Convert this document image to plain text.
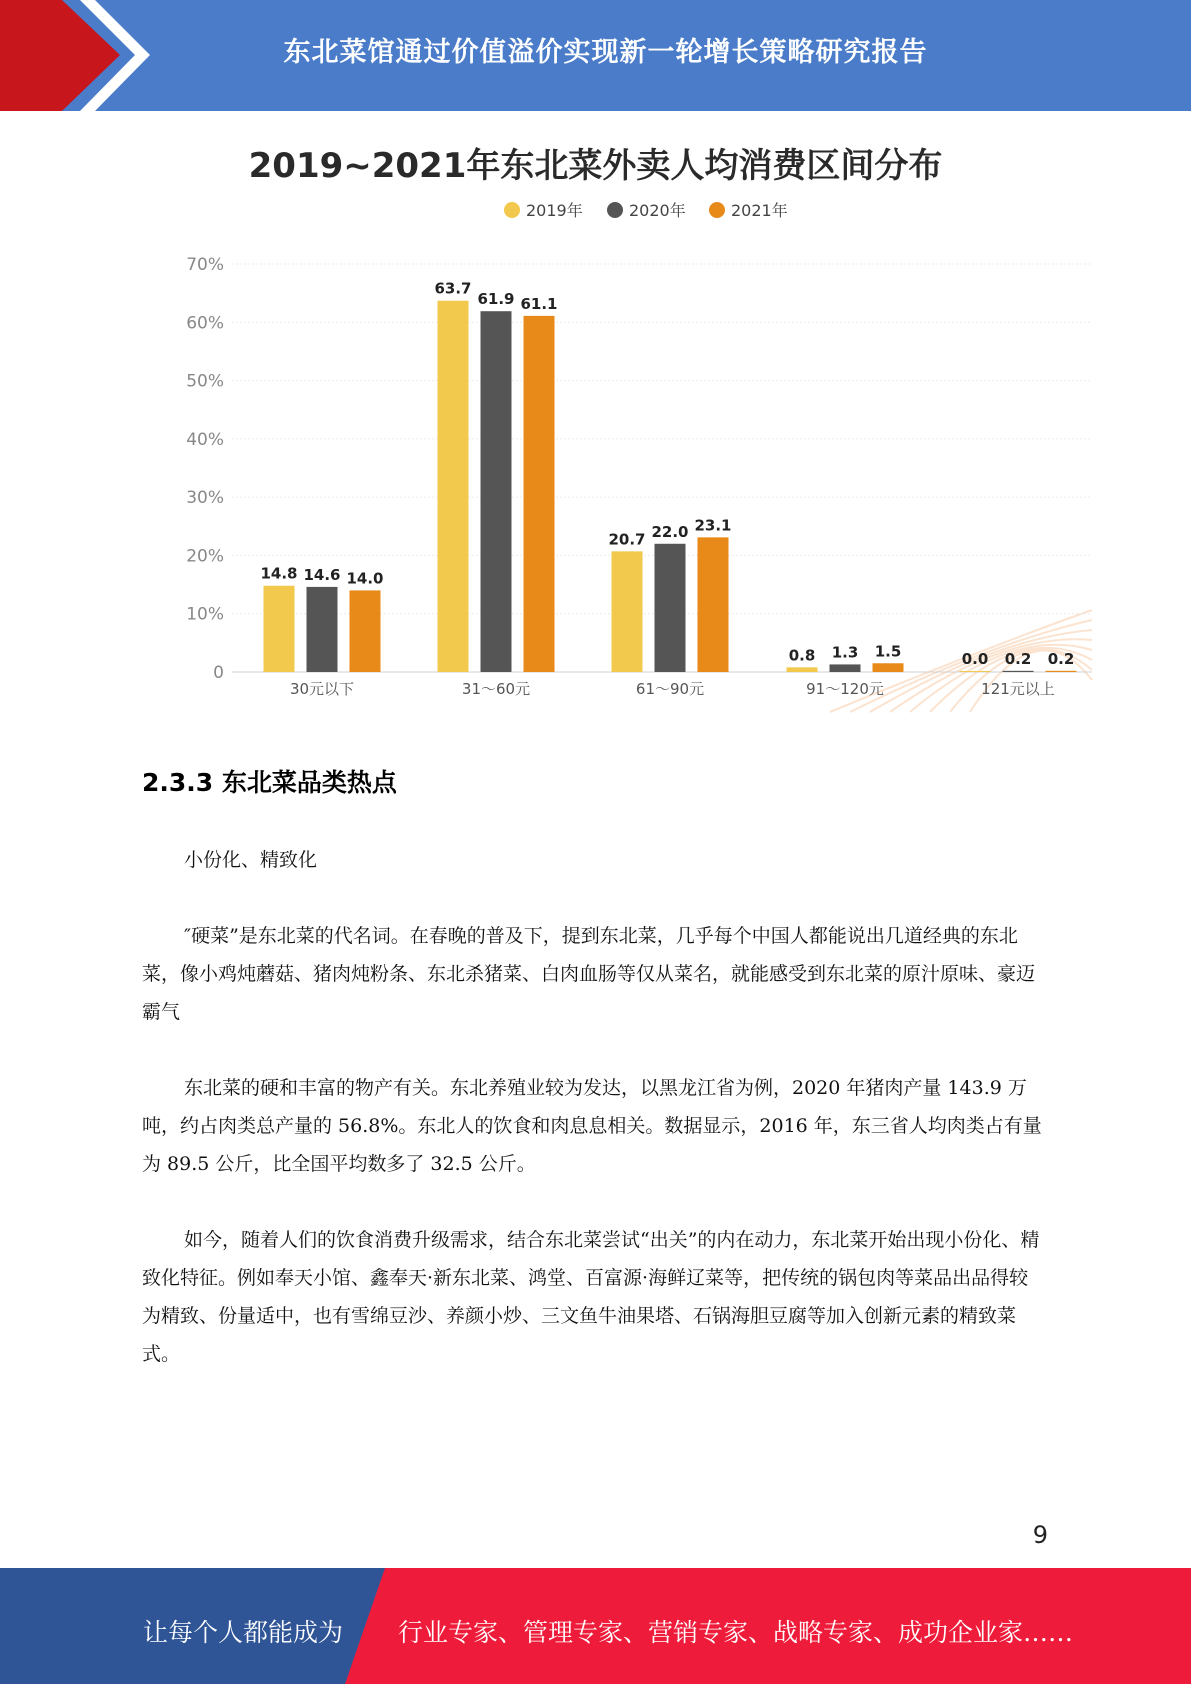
东北菜馆通过价值溢价实现新一轮增长策略研究报告
2019~2021年东北菜外卖人均消费区间分布
2019年	2020年	2021年
0
10%
20%
30%
40%
50%
60%
70%
14.8 14.6 14.0
30元以下
63.7
61.9 61.1
31～60元
20.7 22.0 23.1
61～90元
0.8 1.3 1.5
91～120元
0.0 0.2 0.2
121元以上
2.3.3 东北菜品类热点

小份化、精致化

″硬菜”是东北菜的代名词。在春晚的普及下，提到东北菜，几乎每个中国人都能说出几道经典的东北菜，像小鸡炖蘑菇、猪肉炖粉条、东北杀猪菜、白肉血肠等仅从菜名，就能感受到东北菜的原汁原味、豪迈霸气

东北菜的硬和丰富的物产有关。东北养殖业较为发达，以黑龙江省为例，2020 年猪肉产量 143.9 万吨，约占肉类总产量的 56.8%。东北人的饮食和肉息息相关。数据显示，2016 年，东三省人均肉类占有量为 89.5 公斤，比全国平均数多了 32.5 公斤。

如今，随着人们的饮食消费升级需求，结合东北菜尝试“出关”的内在动力，东北菜开始出现小份化、精致化特征。例如奉天小馆、鑫奉天·新东北菜、鸿堂、百富源·海鲜辽菜等，把传统的锅包肉等菜品出品得较为精致、份量适中，也有雪绵豆沙、养颜小炒、三文鱼牛油果塔、石锅海胆豆腐等加入创新元素的精致菜式。

9
让每个人都能成为 行业专家、管理专家、营销专家、战略专家、成功企业家……
